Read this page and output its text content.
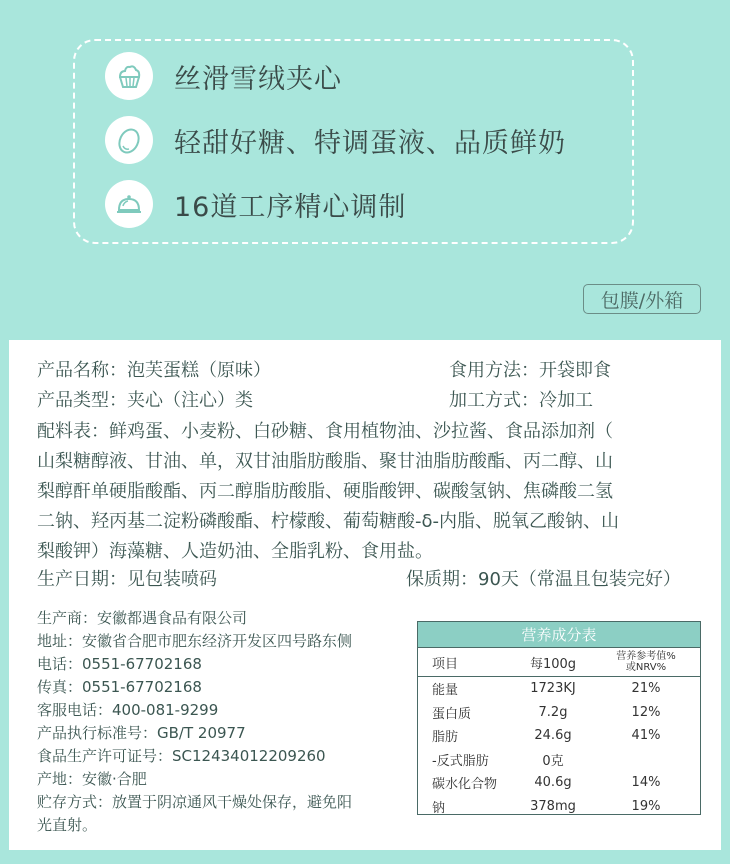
丝滑雪绒夹心
轻甜好糖、特调蛋液、品质鲜奶
16道工序精心调制
包膜/外箱
产品名称：泡芙蛋糕（原味）	食用方法：开袋即食
产品类型：夹心（注心）类	加工方式：冷加工
配料表：鲜鸡蛋、小麦粉、白砂糖、食用植物油、沙拉酱、食品添加剂（
山梨糖醇液、甘油、单，双甘油脂肪酸脂、聚甘油脂肪酸酯、丙二醇、山
梨醇酐单硬脂酸酯、丙二醇脂肪酸脂、硬脂酸钾、碳酸氢钠、焦磷酸二氢
二钠、羟丙基二淀粉磷酸酯、柠檬酸、葡萄糖酸-δ-内脂、脱氧乙酸钠、山
梨酸钾）海藻糖、人造奶油、全脂乳粉、食用盐。
生产日期：见包装喷码	保质期：90天（常温且包装完好）
生产商：安徽都遇食品有限公司
地址：安徽省合肥市肥东经济开发区四号路东侧
电话：0551-67702168
传真：0551-67702168
客服电话：400-081-9299
产品执行标准号：GB/T 20977
食品生产许可证号：SC12434012209260
产地：安徽·合肥
贮存方式：放置于阴凉通风干燥处保存，避免阳
光直射。
营养成分表
项目	每100g	营养参考值%
或NRV%
能量	1723KJ	21%
蛋白质	7.2g	12%
脂肪	24.6g	41%
-反式脂肪	0克
碳水化合物	40.6g	14%
钠	378mg	19%
